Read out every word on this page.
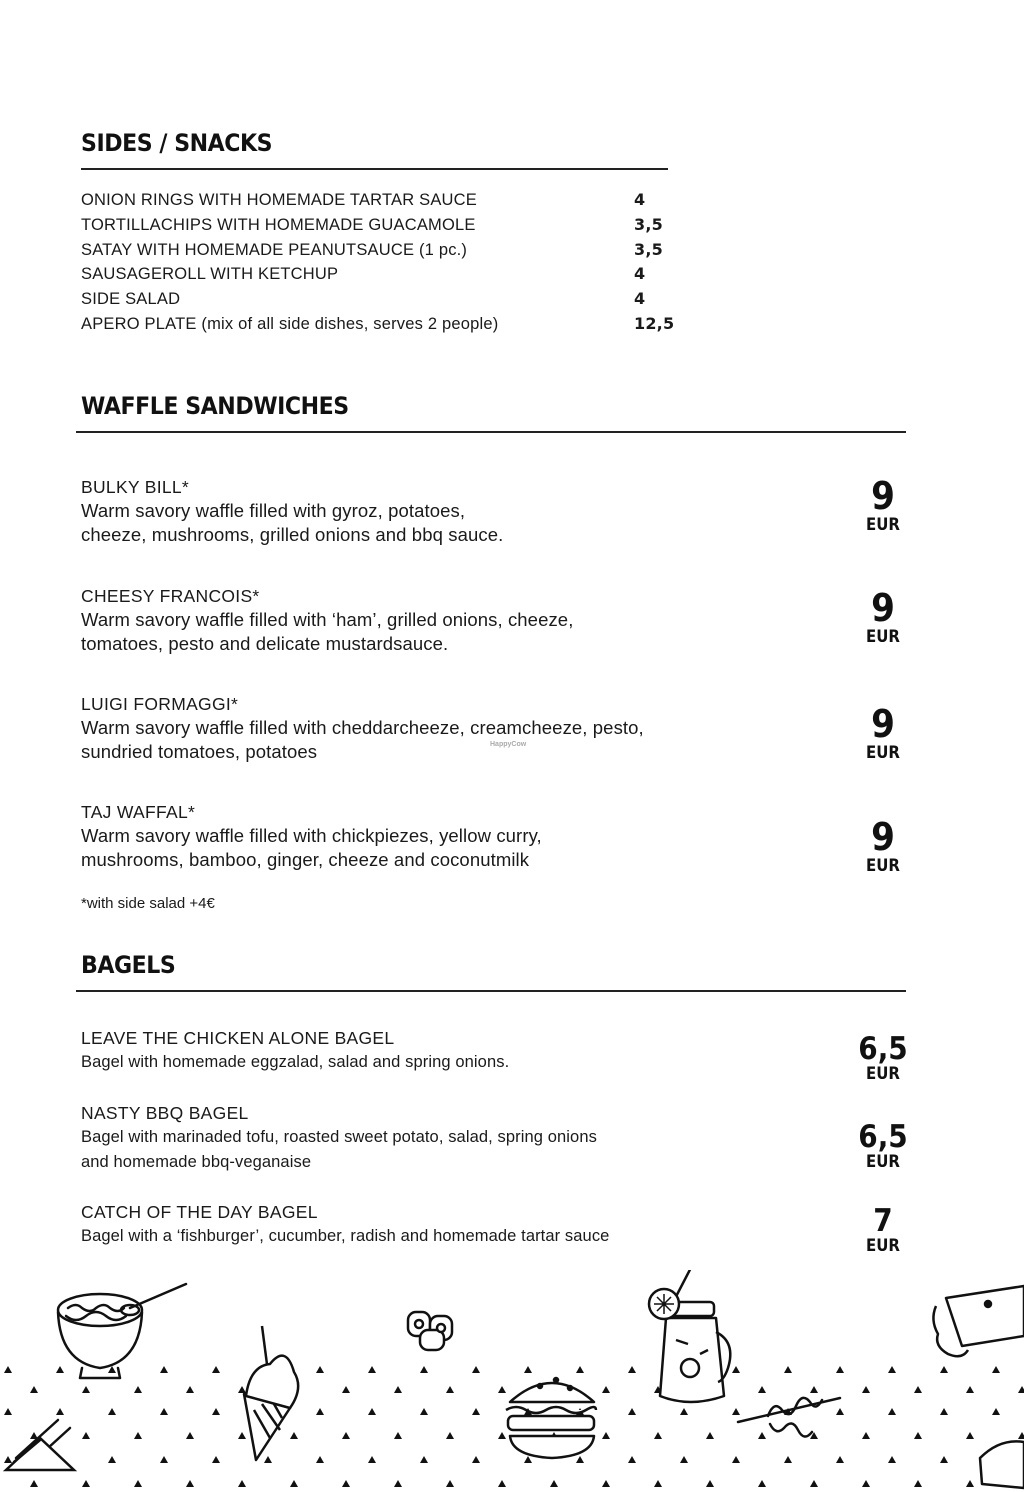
SIDES / SNACKS
ONION RINGS WITH HOMEMADE TARTAR SAUCE	4
TORTILLACHIPS WITH HOMEMADE GUACAMOLE	3,5
SATAY WITH HOMEMADE PEANUTSAUCE (1 pc.)	3,5
SAUSAGEROLL WITH KETCHUP	4
SIDE SALAD	4
APERO PLATE (mix of all side dishes, serves 2 people)	12,5
WAFFLE SANDWICHES
BULKY BILL*
Warm savory waffle filled with gyroz, potatoes,
cheeze, mushrooms, grilled onions and bbq sauce.
9
EUR
CHEESY FRANCOIS*
Warm savory waffle filled with ‘ham’, grilled onions, cheeze,
tomatoes, pesto and delicate mustardsauce.
9
EUR
LUIGI FORMAGGI*
Warm savory waffle filled with cheddarcheeze, creamcheeze, pesto,
sundried tomatoes, potatoes
9
EUR
TAJ WAFFAL*
Warm savory waffle filled with chickpiezes, yellow curry,
mushrooms, bamboo, ginger, cheeze and coconutmilk
9
EUR
*with side salad +4€
HappyCow
BAGELS
LEAVE THE CHICKEN ALONE BAGEL
Bagel with homemade eggzalad, salad and spring onions.	6,5
EUR
NASTY BBQ BAGEL
Bagel with marinaded tofu, roasted sweet potato, salad, spring onions
and homemade bbq-veganaise
6,5
EUR
CATCH OF THE DAY BAGEL
Bagel with a ‘fishburger’, cucumber, radish and homemade tartar sauce	7
EUR
